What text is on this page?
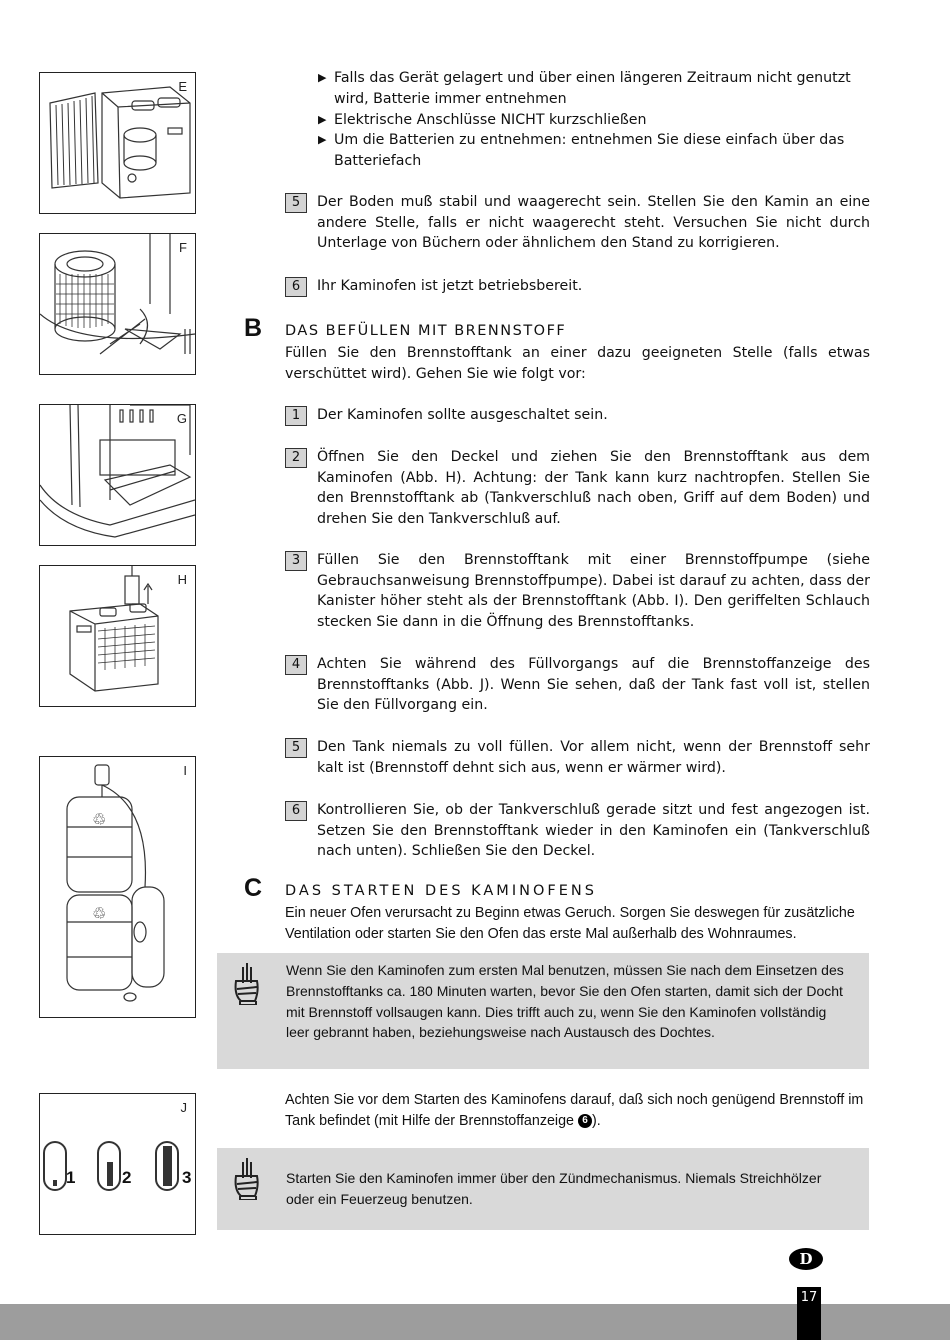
E
F
G
H
♲
♲
I
1	2	3
J
▶ Falls das Gerät gelagert und über einen längeren Zeitraum nicht genutzt wird, Batterie immer entnehmen
▶ Elektrische Anschlüsse NICHT kurzschließen
▶ Um die Batterien zu entnehmen: entnehmen Sie diese einfach über das Batteriefach
5	Der Boden muß stabil und waagerecht sein. Stellen Sie den Kamin an eine andere Stelle, falls er nicht waagerecht steht. Versuchen Sie nicht durch Unterlage von Büchern oder ähnlichem den Stand zu korrigieren.
6	Ihr Kaminofen ist jetzt betriebsbereit.
B DAS BEFÜLLEN MIT BRENNSTOFF
Füllen Sie den Brennstofftank an einer dazu geeigneten Stelle (falls etwas verschüttet wird). Gehen Sie wie folgt vor:
1	Der Kaminofen sollte ausgeschaltet sein.
2	Öffnen Sie den Deckel und ziehen Sie den Brennstofftank aus dem Kaminofen (Abb. H). Achtung: der Tank kann kurz nachtropfen. Stellen Sie den Brennstofftank ab (Tankverschluß nach oben, Griff auf dem Boden) und drehen Sie den Tankverschluß auf.
3	Füllen Sie den Brennstofftank mit einer Brennstoffpumpe (siehe Gebrauchsanweisung Brennstoffpumpe). Dabei ist darauf zu achten, dass der Kanister höher steht als der Brennstofftank (Abb. I). Den geriffelten Schlauch stecken Sie dann in die Öffnung des Brennstofftanks.
4	Achten Sie während des Füllvorgangs auf die Brennstoffanzeige des Brennstofftanks (Abb. J). Wenn Sie sehen, daß der Tank fast voll ist, stellen Sie den Füllvorgang ein.
5	Den Tank niemals zu voll füllen. Vor allem nicht, wenn der Brennstoff sehr kalt ist (Brennstoff dehnt sich aus, wenn er wärmer wird).
6	Kontrollieren Sie, ob der Tankverschluß gerade sitzt und fest angezogen ist. Setzen Sie den Brennstofftank wieder in den Kaminofen ein (Tankverschluß nach unten). Schließen Sie den Deckel.
C DAS STARTEN DES KAMINOFENS
Ein neuer Ofen verursacht zu Beginn etwas Geruch. Sorgen Sie deswegen für zusätzliche Ventilation oder starten Sie den Ofen das erste Mal außerhalb des Wohnraumes.
Wenn Sie den Kaminofen zum ersten Mal benutzen, müssen Sie nach dem Einsetzen des Brennstofftanks ca. 180 Minuten warten, bevor Sie den Ofen starten, damit sich der Docht mit Brennstoff vollsaugen kann. Dies trifft auch zu, wenn Sie den Kaminofen vollständig leer gebrannt haben, beziehungsweise nach Austausch des Dochtes.
Achten Sie vor dem Starten des Kaminofens darauf, daß sich noch genügend Brennstoff im Tank befindet (mit Hilfe der Brennstoffanzeige 6 ).
Starten Sie den Kaminofen immer über den Zündmechanismus. Niemals Streichhölzer oder ein Feuerzeug benutzen.
D
17
